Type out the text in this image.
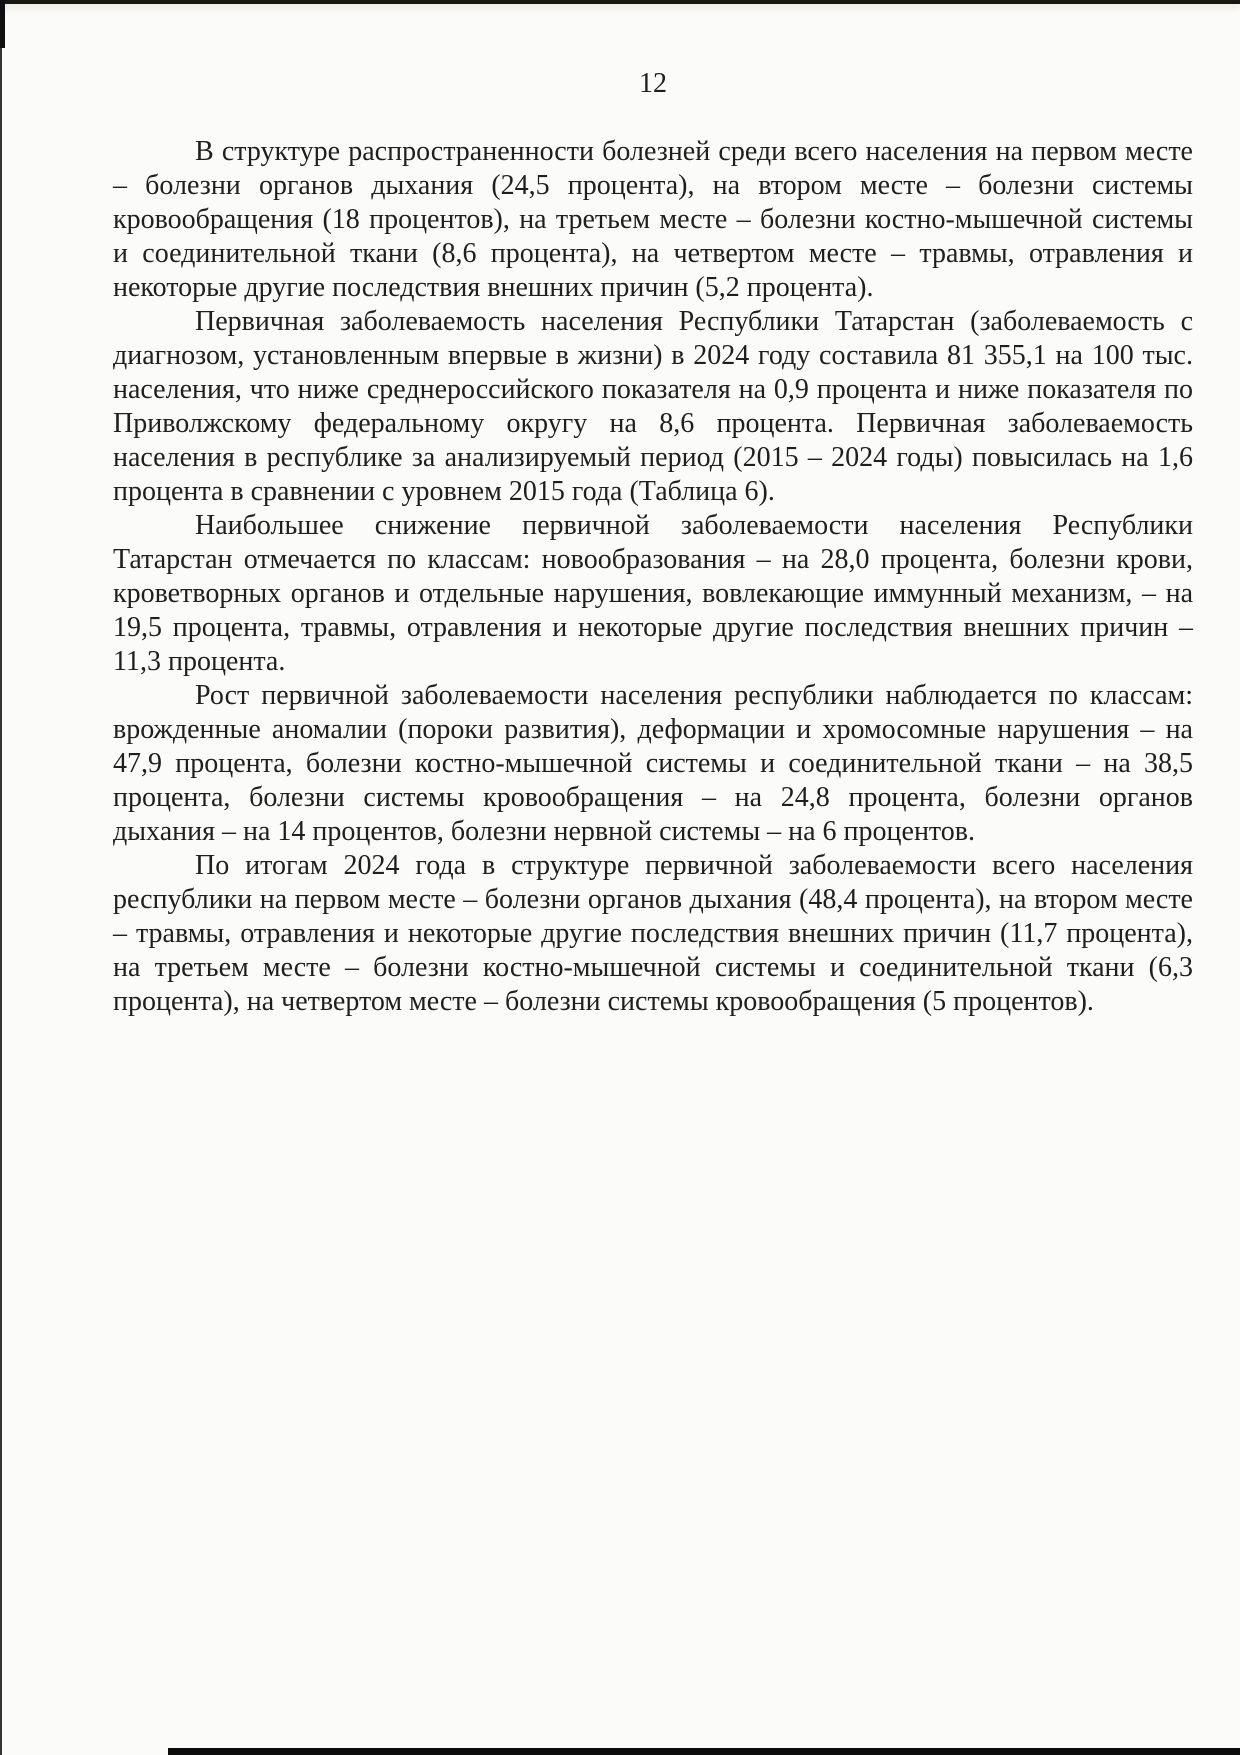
12

В структуре распространенности болезней среди всего населения на первом месте – болезни органов дыхания (24,5 процента), на втором месте – болезни системы кровообращения (18 процентов), на третьем месте – болезни костно-мышечной системы и соединительной ткани (8,6 процента), на четвертом месте – травмы, отравления и некоторые другие последствия внешних причин (5,2 процента).

Первичная заболеваемость населения Республики Татарстан (заболеваемость с диагнозом, установленным впервые в жизни) в 2024 году составила 81 355,1 на 100 тыс. населения, что ниже среднероссийского показателя на 0,9 процента и ниже показателя по Приволжскому федеральному округу на 8,6 процента. Первичная заболеваемость населения в республике за анализируемый период (2015 – 2024 годы) повысилась на 1,6 процента в сравнении с уровнем 2015 года (Таблица 6).

Наибольшее снижение первичной заболеваемости населения Республики Татарстан отмечается по классам: новообразования – на 28,0 процента, болезни крови, кроветворных органов и отдельные нарушения, вовлекающие иммунный механизм, – на 19,5 процента, травмы, отравления и некоторые другие последствия внешних причин – 11,3 процента.

Рост первичной заболеваемости населения республики наблюдается по классам: врожденные аномалии (пороки развития), деформации и хромосомные нарушения – на 47,9 процента, болезни костно-мышечной системы и соединительной ткани – на 38,5 процента, болезни системы кровообращения – на 24,8 процента, болезни органов дыхания – на 14 процентов, болезни нервной системы – на 6 процентов.

По итогам 2024 года в структуре первичной заболеваемости всего населения республики на первом месте – болезни органов дыхания (48,4 процента), на втором месте – травмы, отравления и некоторые другие последствия внешних причин (11,7 процента), на третьем месте – болезни костно-мышечной системы и соединительной ткани (6,3 процента), на четвертом месте – болезни системы кровообращения (5 процентов).
